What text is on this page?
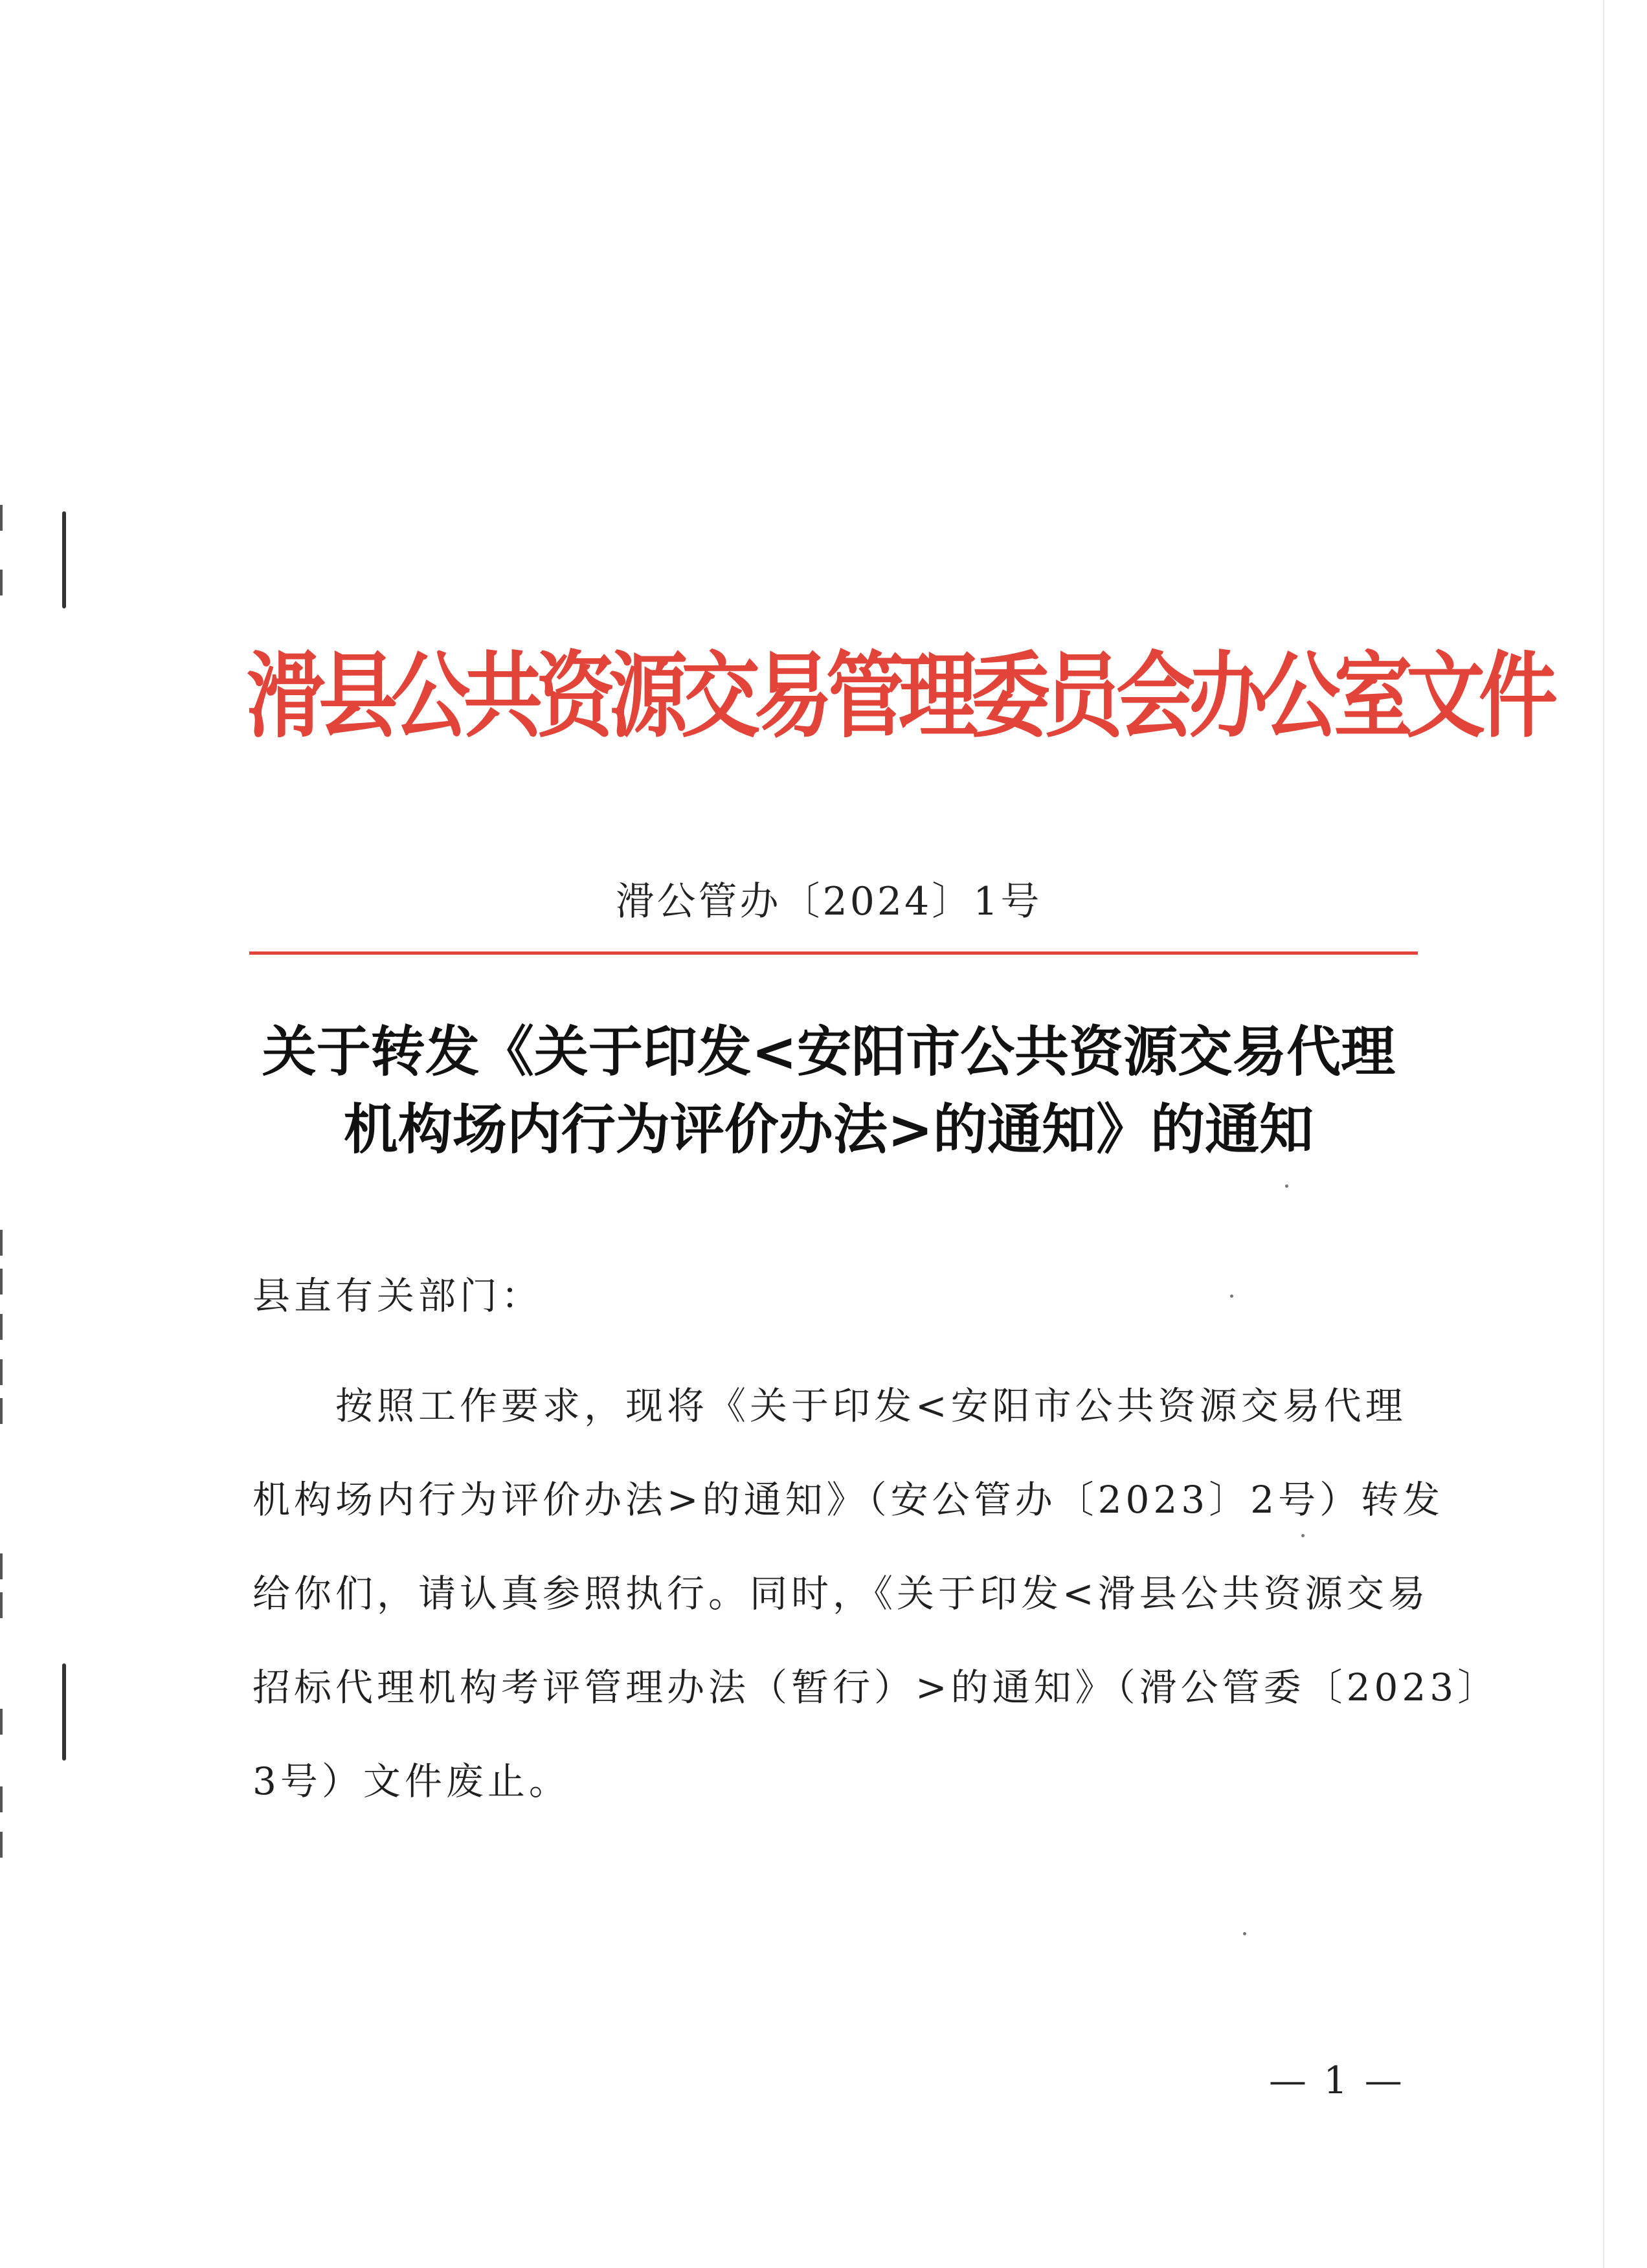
滑县公共资源交易管理委员会办公室文件
滑公管办〔2024〕1号
关于转发《关于印发<安阳市公共资源交易代理
机构场内行为评价办法>的通知》的通知
县直有关部门：
按照工作要求，现将《关于印发<安阳市公共资源交易代理
机构场内行为评价办法>的通知》（安公管办〔2023〕2号）转发
给你们，请认真参照执行。同时，《关于印发<滑县公共资源交易
招标代理机构考评管理办法（暂行）>的通知》（滑公管委〔2023〕
3号）文件废止。
— 1 —
